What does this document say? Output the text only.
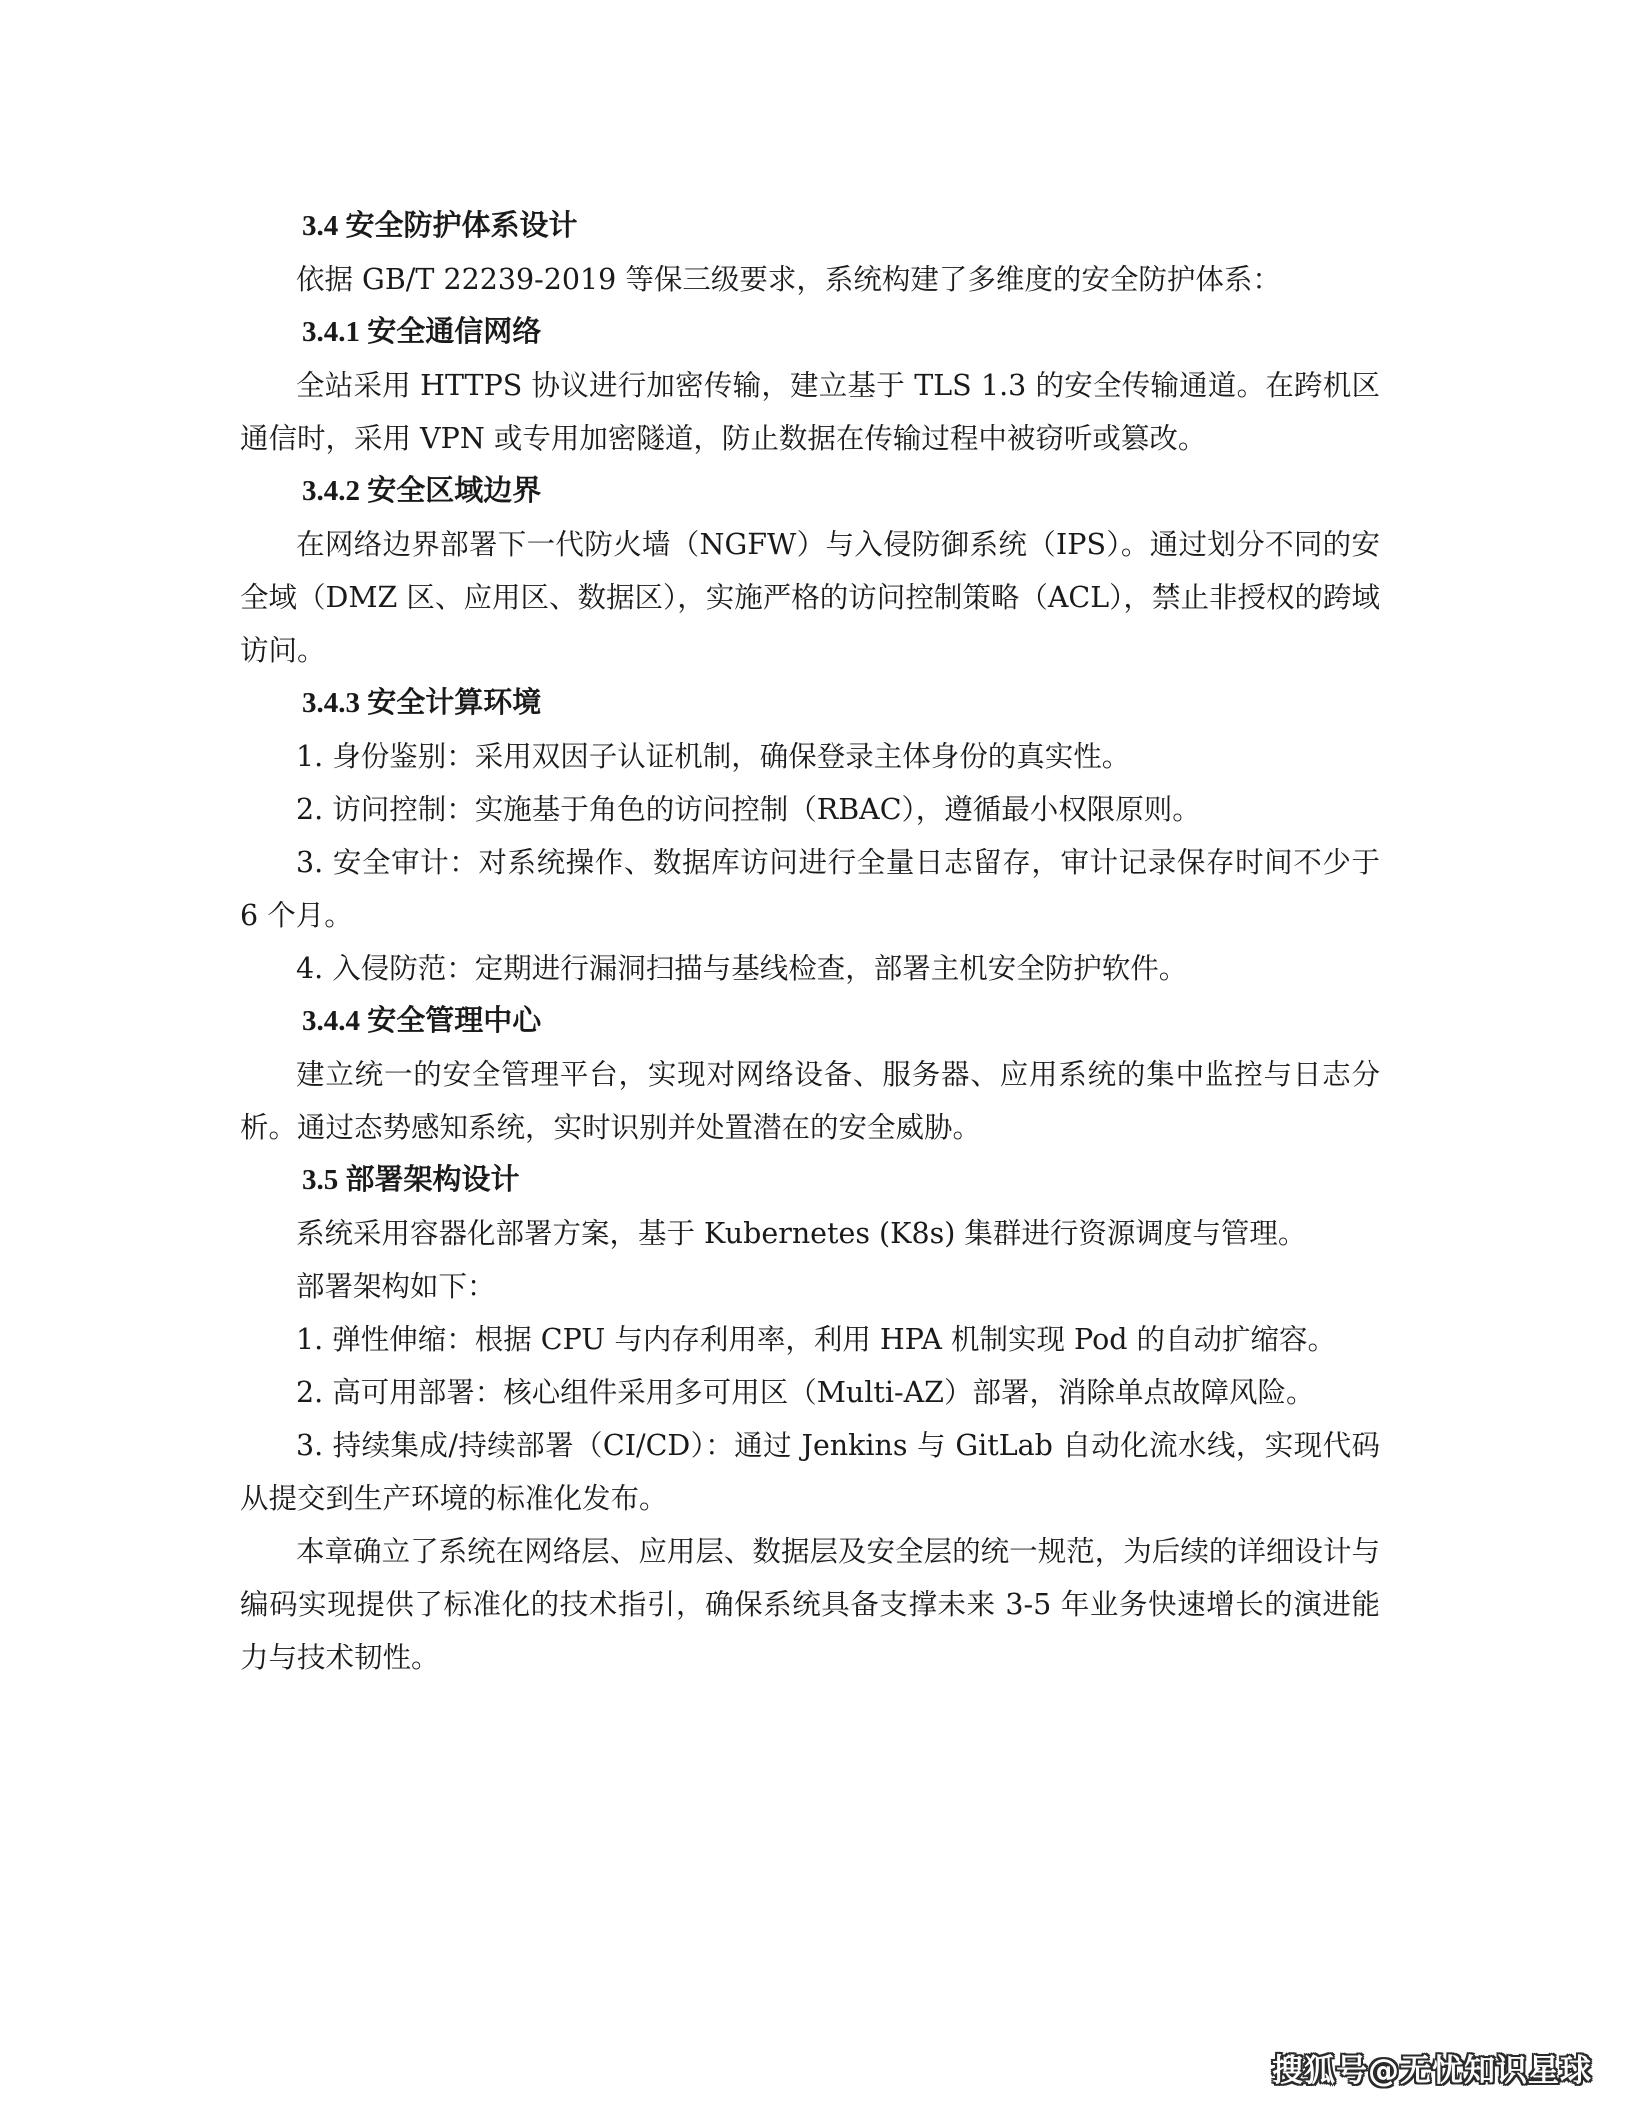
3.4 安全防护体系设计

依据 GB/T 22239-2019 等保三级要求，系统构建了多维度的安全防护体系：

3.4.1 安全通信网络

全站采用 HTTPS 协议进行加密传输，建立基于 TLS 1.3 的安全传输通道。在跨机区通信时，采用 VPN 或专用加密隧道，防止数据在传输过程中被窃听或篡改。

3.4.2 安全区域边界

在网络边界部署下一代防火墙（NGFW）与入侵防御系统（IPS）。通过划分不同的安全域（DMZ 区、应用区、数据区），实施严格的访问控制策略（ACL），禁止非授权的跨域访问。

3.4.3 安全计算环境

1. 身份鉴别：采用双因子认证机制，确保登录主体身份的真实性。

2. 访问控制：实施基于角色的访问控制（RBAC），遵循最小权限原则。

3. 安全审计：对系统操作、数据库访问进行全量日志留存，审计记录保存时间不少于 6 个月。

4. 入侵防范：定期进行漏洞扫描与基线检查，部署主机安全防护软件。

3.4.4 安全管理中心

建立统一的安全管理平台，实现对网络设备、服务器、应用系统的集中监控与日志分析。通过态势感知系统，实时识别并处置潜在的安全威胁。

3.5 部署架构设计

系统采用容器化部署方案，基于 Kubernetes (K8s) 集群进行资源调度与管理。

部署架构如下：

1. 弹性伸缩：根据 CPU 与内存利用率，利用 HPA 机制实现 Pod 的自动扩缩容。

2. 高可用部署：核心组件采用多可用区（Multi-AZ）部署，消除单点故障风险。

3. 持续集成/持续部署（CI/CD）：通过 Jenkins 与 GitLab 自动化流水线，实现代码从提交到生产环境的标准化发布。

本章确立了系统在网络层、应用层、数据层及安全层的统一规范，为后续的详细设计与编码实现提供了标准化的技术指引，确保系统具备支撑未来 3-5 年业务快速增长的演进能力与技术韧性。

搜狐号@无忧知识星球
